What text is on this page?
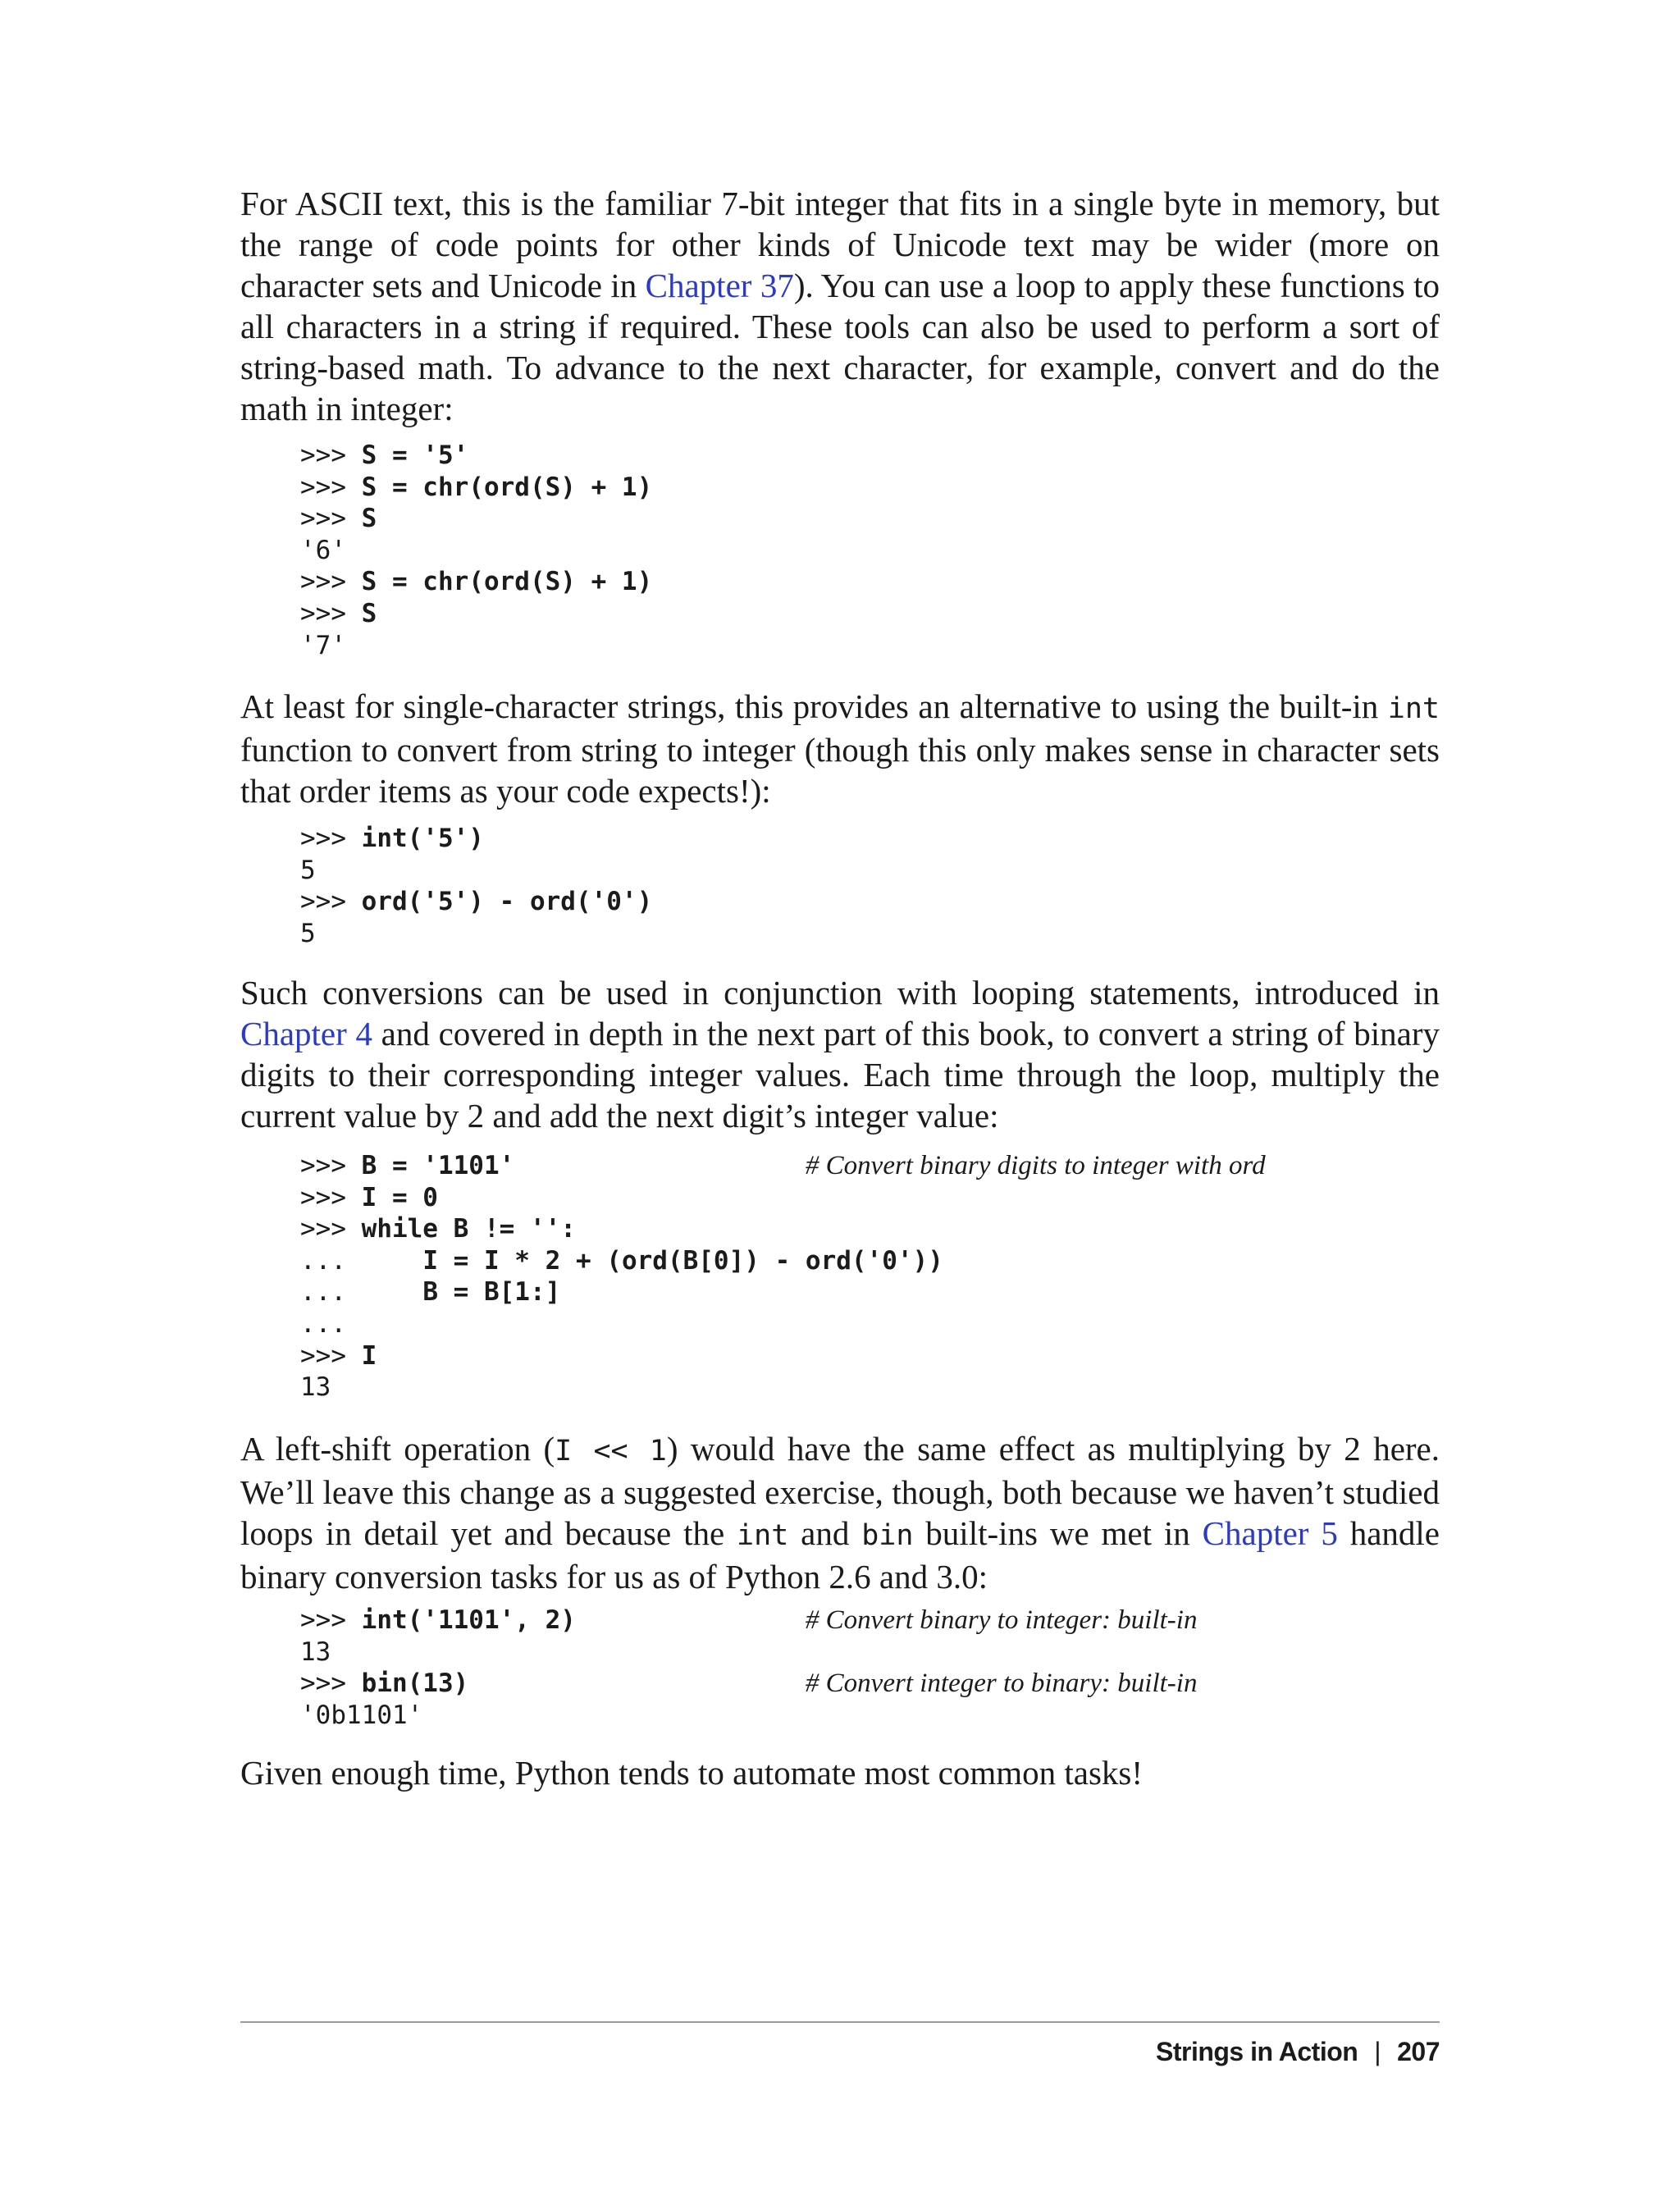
For ASCII text, this is the familiar 7-bit integer that fits in a single byte in memory, but the range of code points for other kinds of Unicode text may be wider (more on character sets and Unicode in Chapter 37). You can use a loop to apply these functions to all characters in a string if required. These tools can also be used to perform a sort of string-based math. To advance to the next character, for example, convert and do the math in integer:

>>> S = '5'
>>> S = chr(ord(S) + 1)
>>> S
'6'
>>> S = chr(ord(S) + 1)
>>> S
'7'

At least for single-character strings, this provides an alternative to using the built-in int function to convert from string to integer (though this only makes sense in character sets that order items as your code expects!):

>>> int('5')
5
>>> ord('5') - ord('0')
5

Such conversions can be used in conjunction with looping statements, introduced in Chapter 4 and covered in depth in the next part of this book, to convert a string of binary digits to their corresponding integer values. Each time through the loop, multiply the current value by 2 and add the next digit’s integer value:

>>> B = '1101'	# Convert binary digits to integer with ord
>>> I = 0
>>> while B != '':
...     I = I * 2 + (ord(B[0]) - ord('0'))
...     B = B[1:]
...
>>> I
13

A left-shift operation (I << 1) would have the same effect as multiplying by 2 here. We’ll leave this change as a suggested exercise, though, both because we haven’t studied loops in detail yet and because the int and bin built-ins we met in Chapter 5 handle binary conversion tasks for us as of Python 2.6 and 3.0:

>>> int('1101', 2)	# Convert binary to integer: built-in
13
>>> bin(13)	# Convert integer to binary: built-in
'0b1101'

Given enough time, Python tends to automate most common tasks!

Strings in Action | 207
